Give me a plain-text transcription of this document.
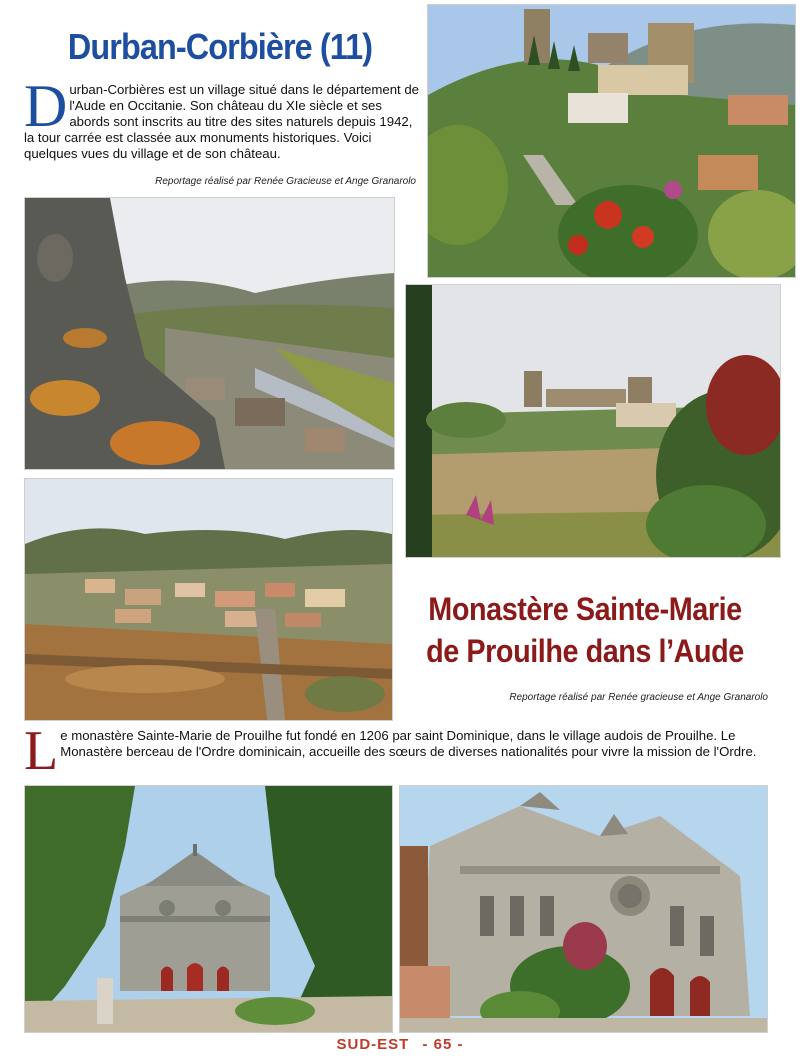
Durban-Corbière (11)
Durban-Corbières est un village situé dans le département de l'Aude en Occitanie. Son château du XIe siècle et ses abords sont inscrits au titre des sites naturels depuis 1942, la tour carrée est classée aux monuments historiques. Voici quelques vues du village et de son château.
Reportage réalisé par Renée Gracieuse et Ange Granarolo
Monastère Sainte-Marie
de Prouilhe dans l’Aude
Reportage réalisé par Renée gracieuse et Ange Granarolo
Le monastère Sainte-Marie de Prouilhe fut fondé en 1206 par saint Dominique, dans le village audois de Prouilhe. Le Monastère berceau de l'Ordre dominicain, accueille des sœurs de diverses nationalités pour vivre la mission de l'Ordre.
SUD-EST - 65 -
